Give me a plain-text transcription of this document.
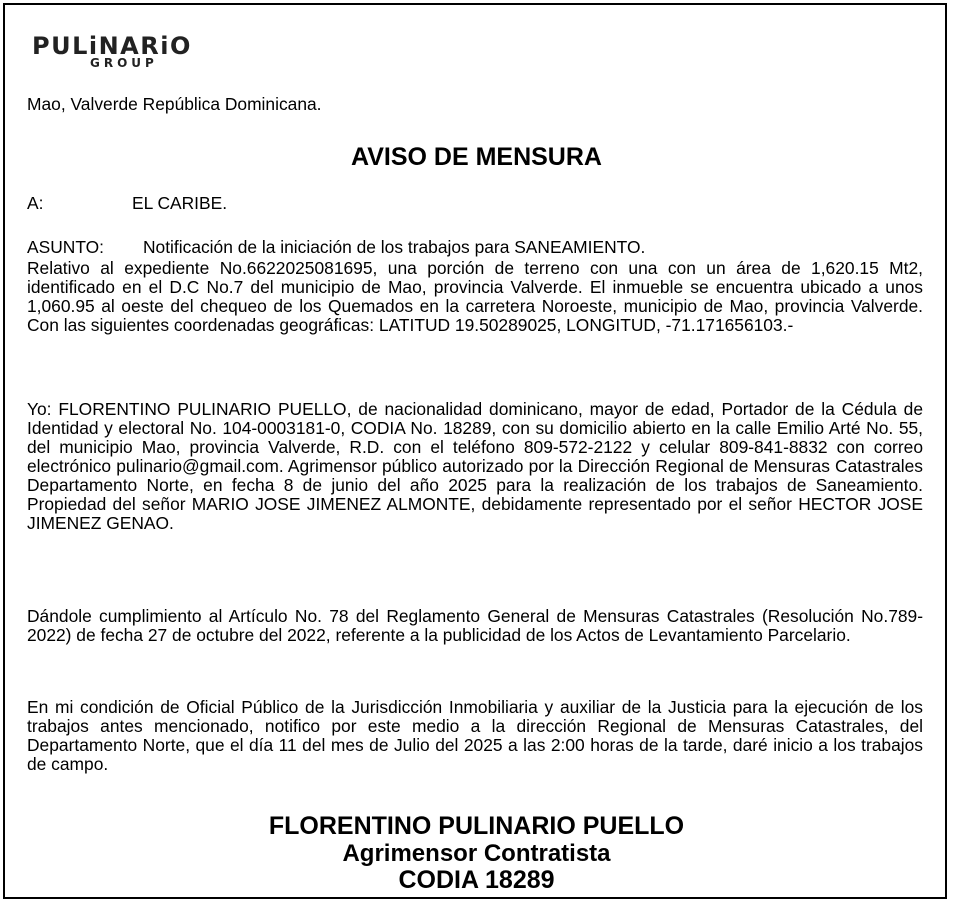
PULiNARiO
GROUP
Mao, Valverde República Dominicana.
AVISO DE MENSURA
A:	EL CARIBE.
ASUNTO: Notificación de la iniciación de los trabajos para SANEAMIENTO.
Relativo al expediente No.6622025081695, una porción de terreno con una con un área de 1,620.15 Mt2, identificado en el D.C No.7 del municipio de Mao, provincia Valverde. El inmueble se encuentra ubicado a unos 1,060.95 al oeste del chequeo de los Quemados en la carretera Noroeste, municipio de Mao, provincia Valverde. Con las siguientes coordenadas geográficas: LATITUD 19.50289025, LONGITUD, -71.171656103.-
Yo: FLORENTINO PULINARIO PUELLO, de nacionalidad dominicano, mayor de edad, Portador de la Cédula de Identidad y electoral No. 104-0003181-0, CODIA No. 18289, con su domicilio abierto en la calle Emilio Arté No. 55, del municipio Mao, provincia Valverde, R.D. con el teléfono 809-572-2122 y celular 809-841-8832 con correo electrónico pulinario@gmail.com. Agrimensor público autorizado por la Dirección Regional de Mensuras Catastrales Departamento Norte, en fecha 8 de junio del año 2025 para la realización de los trabajos de Saneamiento. Propiedad del señor MARIO JOSE JIMENEZ ALMONTE, debidamente representado por el señor HECTOR JOSE JIMENEZ GENAO.
Dándole cumplimiento al Artículo No. 78 del Reglamento General de Mensuras Catastrales (Resolución No.789-2022) de fecha 27 de octubre del 2022, referente a la publicidad de los Actos de Levantamiento Parcelario.
En mi condición de Oficial Público de la Jurisdicción Inmobiliaria y auxiliar de la Justicia para la ejecución de los trabajos antes mencionado, notifico por este medio a la dirección Regional de Mensuras Catastrales, del Departamento Norte, que el día 11 del mes de Julio del 2025 a las 2:00 horas de la tarde, daré inicio a los trabajos de campo.
FLORENTINO PULINARIO PUELLO
Agrimensor Contratista
CODIA 18289
